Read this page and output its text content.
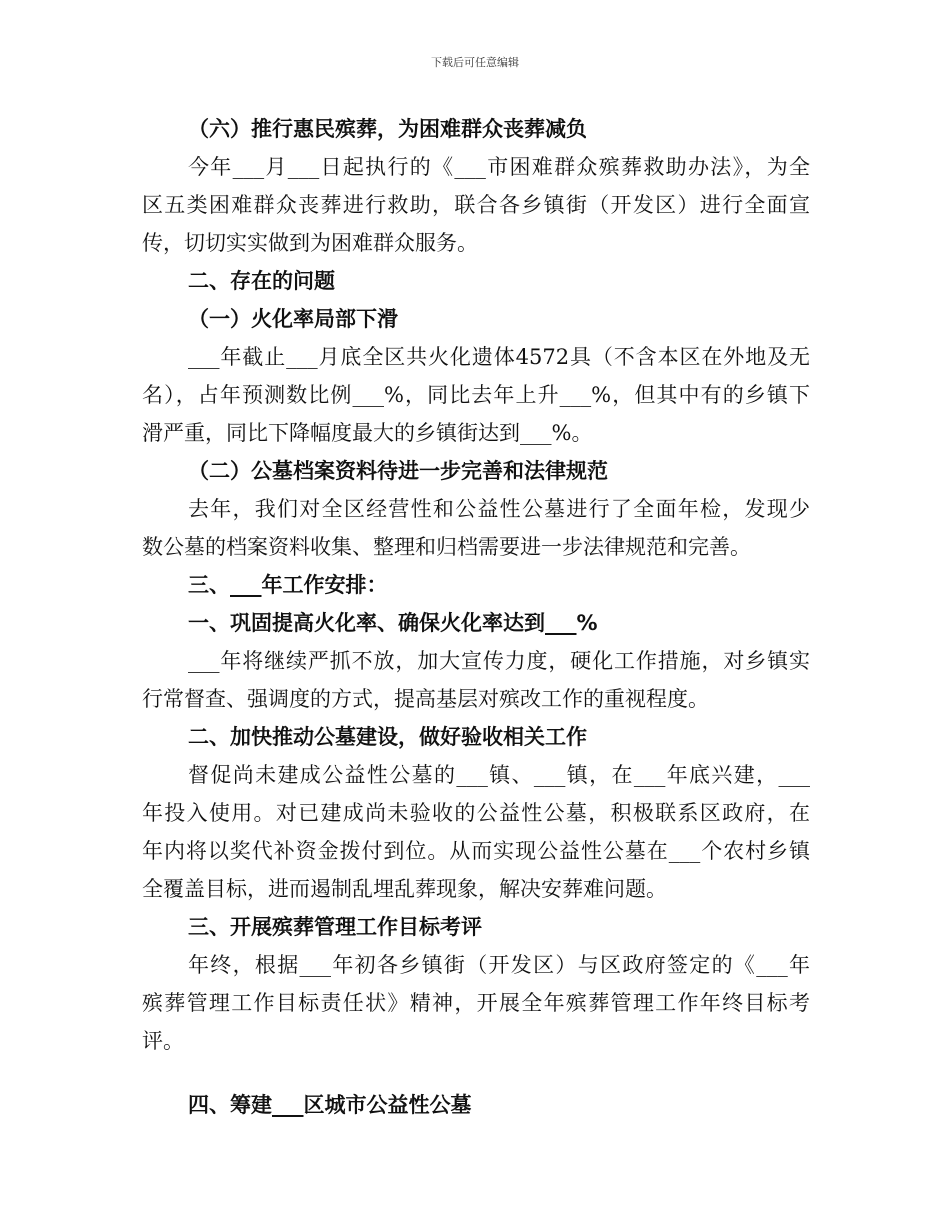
下载后可任意编辑
（六）推行惠民殡葬，为困难群众丧葬减负
今年___月___日起执行的《___市困难群众殡葬救助办法》，为全
区五类困难群众丧葬进行救助，联合各乡镇街（开发区）进行全面宣
传，切切实实做到为困难群众服务。
二、存在的问题
（一）火化率局部下滑
___年截止___月底全区共火化遗体4572具（不含本区在外地及无
名），占年预测数比例___%，同比去年上升___%，但其中有的乡镇下
滑严重，同比下降幅度最大的乡镇街达到___%。
（二）公墓档案资料待进一步完善和法律规范
去年，我们对全区经营性和公益性公墓进行了全面年检，发现少
数公墓的档案资料收集、整理和归档需要进一步法律规范和完善。
三、___年工作安排：
一、巩固提高火化率、确保火化率达到___%
___年将继续严抓不放，加大宣传力度，硬化工作措施，对乡镇实
行常督查、强调度的方式，提高基层对殡改工作的重视程度。
二、加快推动公墓建设，做好验收相关工作
督促尚未建成公益性公墓的___镇、___镇，在___年底兴建，___
年投入使用。对已建成尚未验收的公益性公墓，积极联系区政府，在
年内将以奖代补资金拨付到位。从而实现公益性公墓在___个农村乡镇
全覆盖目标，进而遏制乱埋乱葬现象，解决安葬难问题。
三、开展殡葬管理工作目标考评
年终，根据___年初各乡镇街（开发区）与区政府签定的《___年
殡葬管理工作目标责任状》精神，开展全年殡葬管理工作年终目标考
评。
四、筹建___区城市公益性公墓
